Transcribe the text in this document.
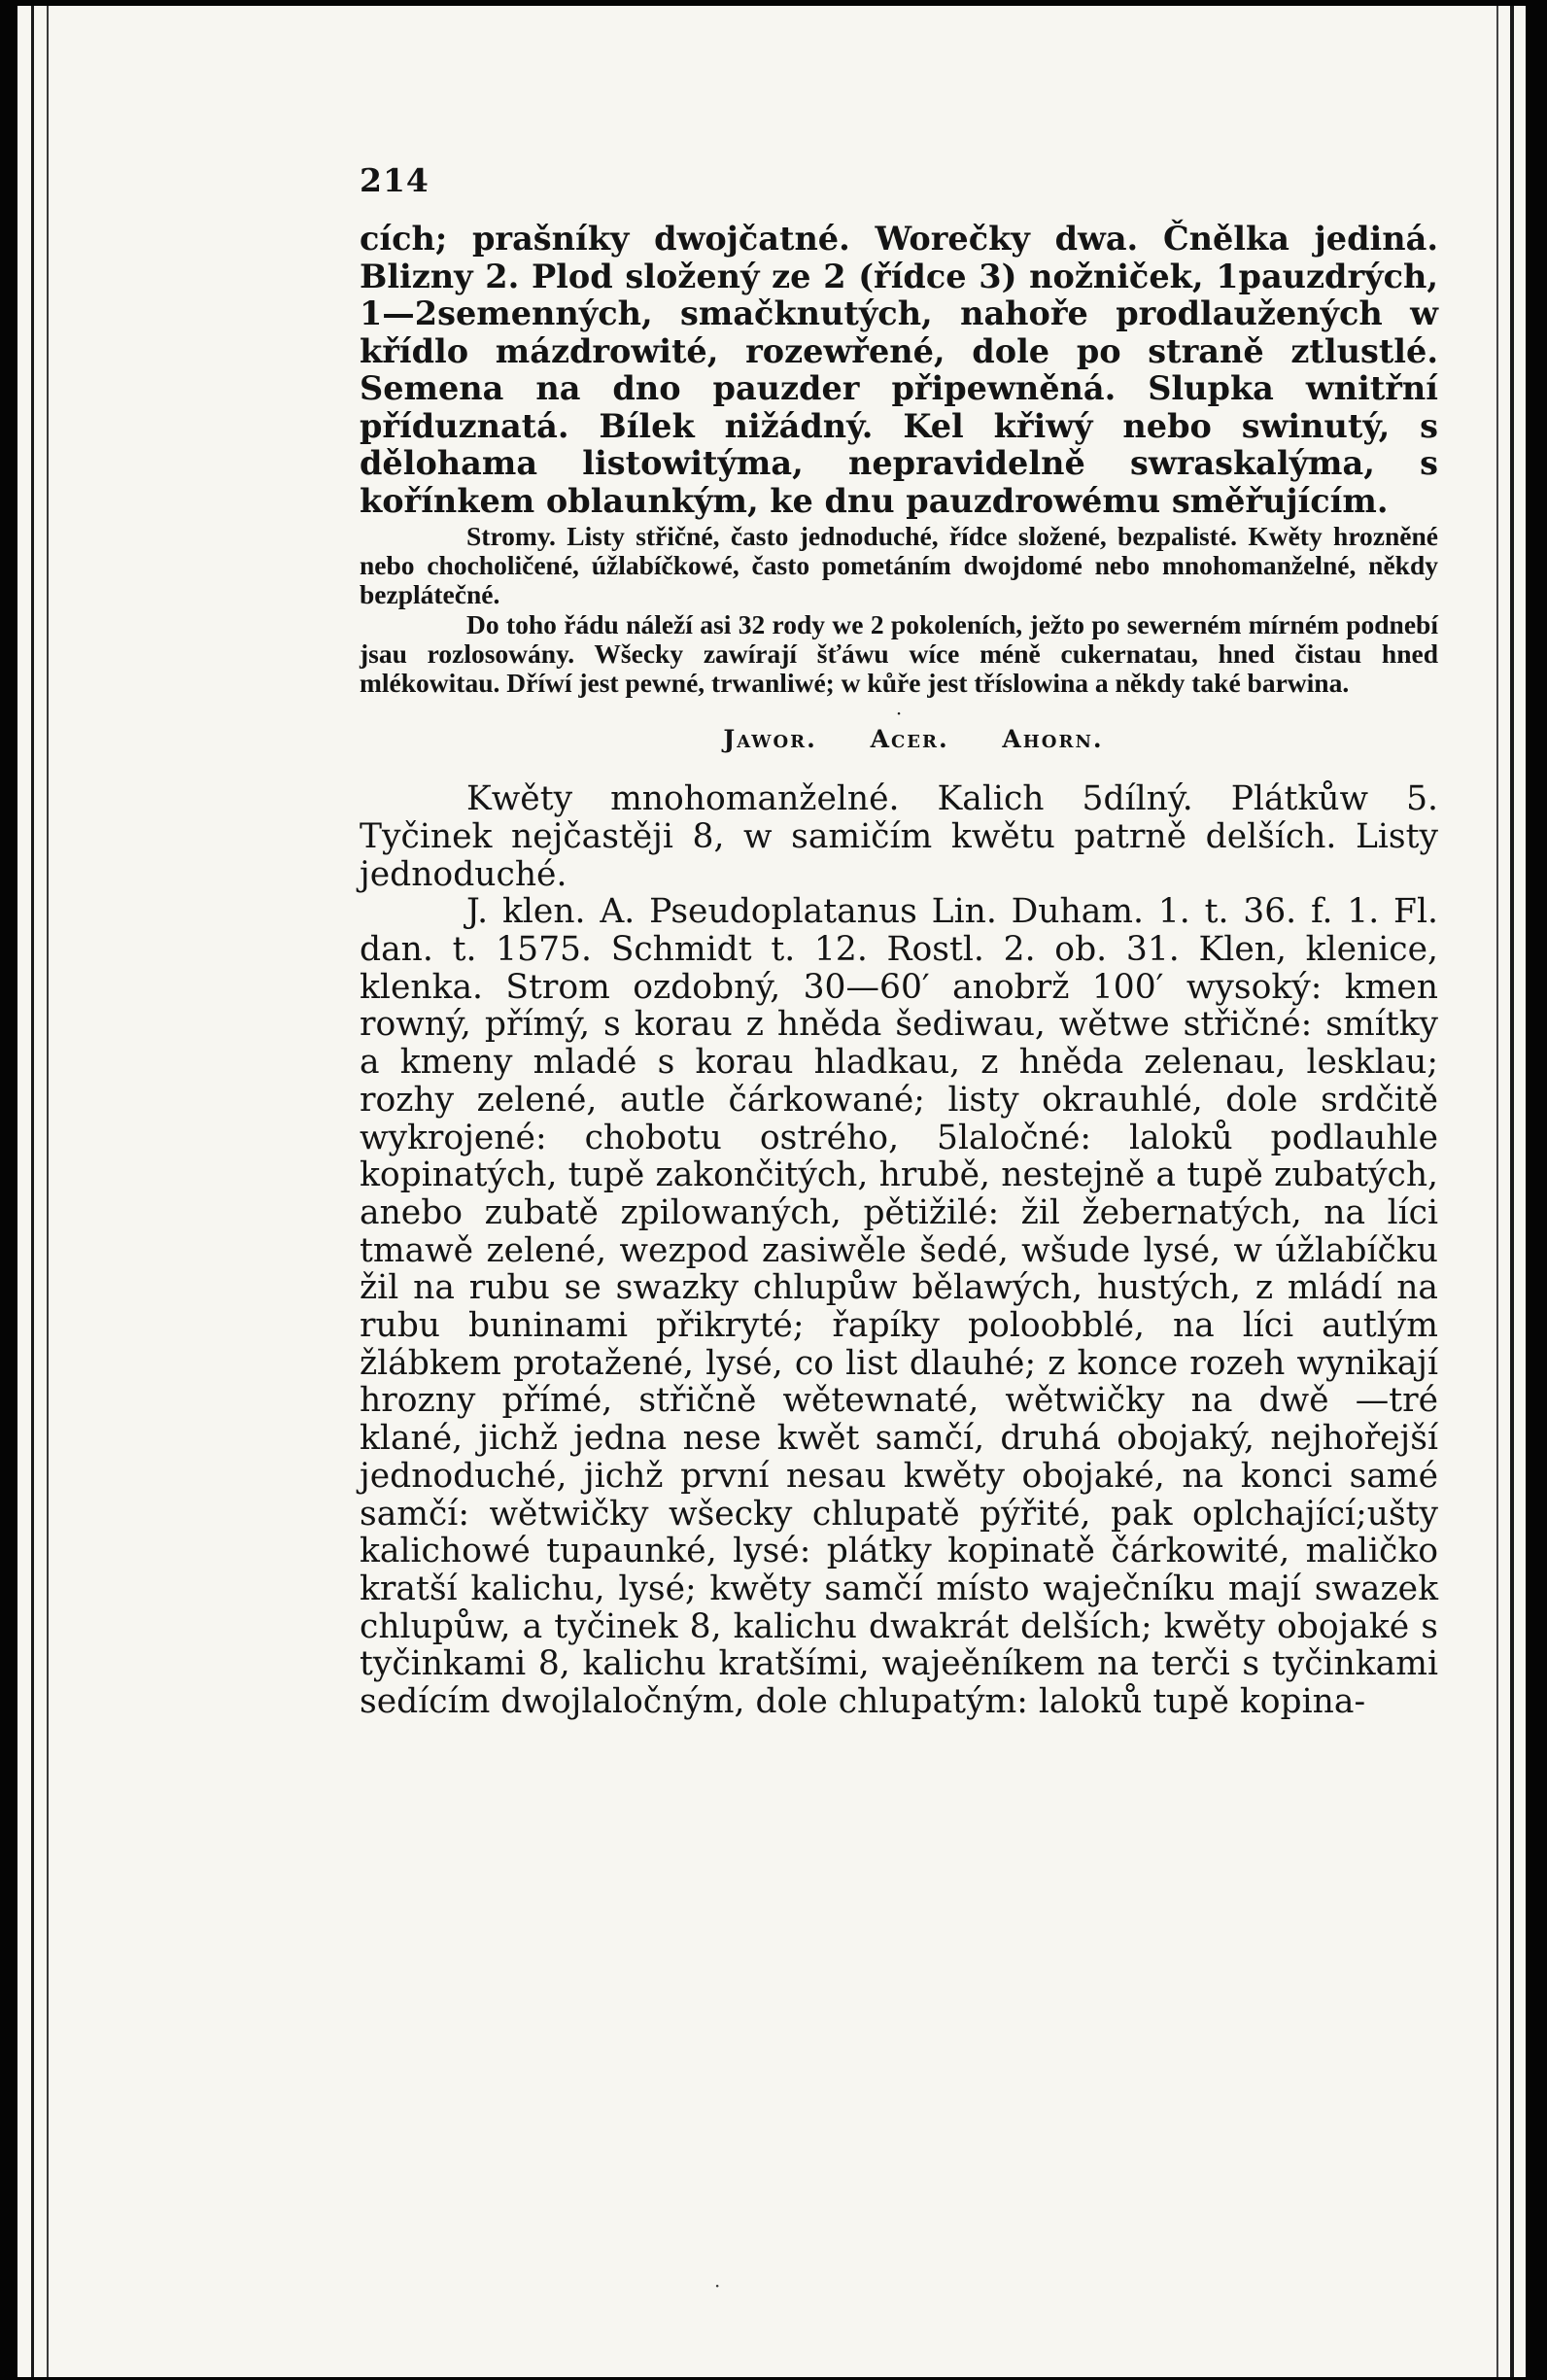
214

cích; prašníky dwojčatné. Worečky dwa. Čnělka jediná. Blizny 2. Plod složený ze 2 (řídce 3) nožniček, 1pauzdrých, 1—2semenných, smačknutých, nahoře prodlaužených w křídlo mázdrowité, rozewřené, dole po straně ztlustlé. Semena na dno pauzder připewněná. Slupka wnitřní příduznatá. Bílek nižádný. Kel křiwý nebo swinutý, s dělohama listowitýma, nepravidelně swraskalýma, s kořínkem oblaunkým, ke dnu pauzdrowému směřujícím.

Stromy. Listy střičné, často jednoduché, řídce složené, bezpalisté. Kwěty hrozněné nebo chocholičené, úžlabíčkowé, často pometáním dwojdomé nebo mnohomanželné, někdy bezplátečné.

Do toho řádu náleží asi 32 rody we 2 pokoleních, ježto po sewerném mírném podnebí jsau rozlosowány. Wšecky zawírají šťáwu wíce méně cukernatau, hned čistau hned mlékowitau. Dříwí jest pewné, trwanliwé; w kůře jest tříslowina a někdy také barwina.

·
Jawor. Acer. Ahorn.

Kwěty mnohomanželné. Kalich 5dílný. Plátkůw 5. Tyčinek nejčastěji 8, w samičím kwětu patrně delších. Listy jednoduché.

J. klen. A. Pseudoplatanus Lin. Duham. 1. t. 36. f. 1. Fl. dan. t. 1575. Schmidt t. 12. Rostl. 2. ob. 31. Klen, klenice, klenka. Strom ozdobný, 30—60′ anobrž 100′ wysoký: kmen rowný, přímý, s korau z hněda šediwau, wětwe střičné: smítky a kmeny mladé s korau hladkau, z hněda zelenau, lesklau; rozhy zelené, autle čárkowané; listy okrauhlé, dole srdčitě wykrojené: chobotu ostrého, 5laločné: laloků podlauhle kopinatých, tupě zakončitých, hrubě, nestejně a tupě zubatých, anebo zubatě zpilowaných, pětižilé: žil žebernatých, na líci tmawě zelené, wezpod zasiwěle šedé, wšude lysé, w úžlabíčku žil na rubu se swazky chlupůw bělawých, hustých, z mládí na rubu buninami přikryté; řapíky poloobblé, na líci autlým žlábkem protažené, lysé, co list dlauhé; z konce rozeh wynikají hrozny přímé, střičně wětewnaté, wětwičky na dwě —tré klané, jichž jedna nese kwět samčí, druhá obojaký, nejhořejší jednoduché, jichž první nesau kwěty obojaké, na konci samé samčí: wětwičky wšecky chlupatě pýřité, pak oplchající;ušty kalichowé tupaunké, lysé: plátky kopinatě čárkowité, maličko kratší kalichu, lysé; kwěty samčí místo waječníku mají swazek chlupůw, a tyčinek 8, kalichu dwakrát delších; kwěty obojaké s tyčinkami 8, kalichu kratšími, wajeěníkem na terči s tyčinkami sedícím dwojlaločným, dole chlupatým: laloků tupě kopina-

·
